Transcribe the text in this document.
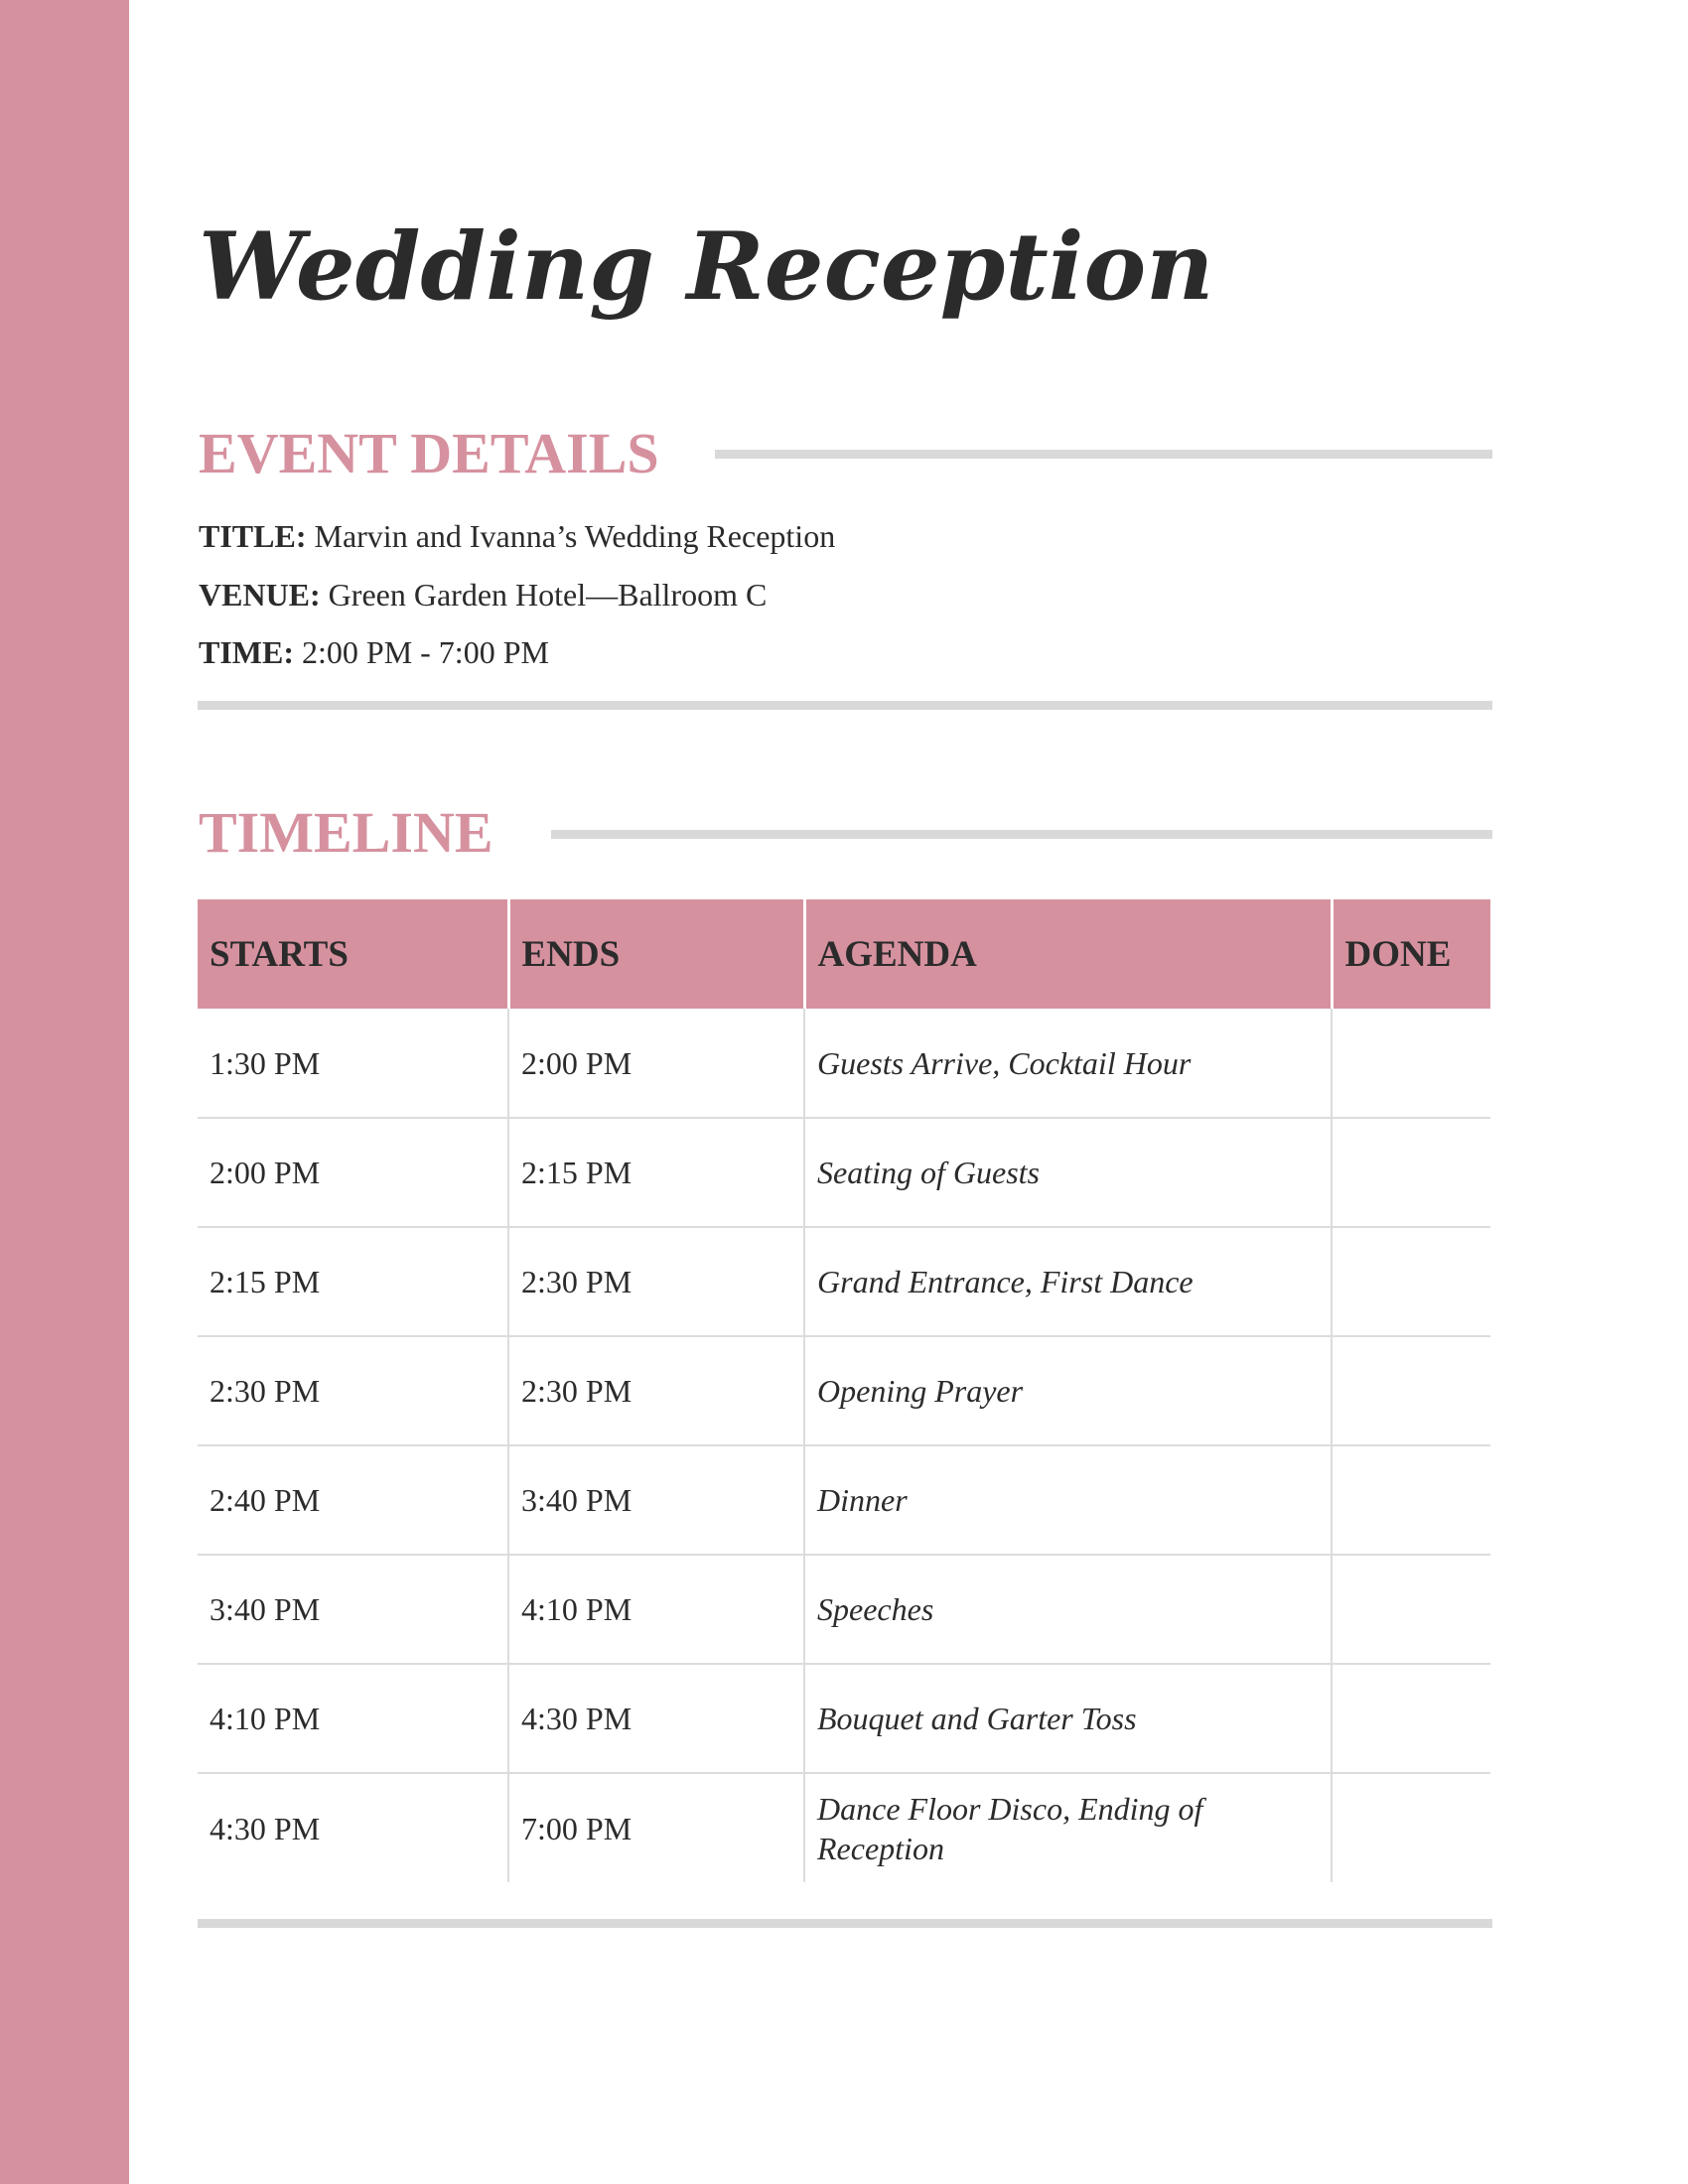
Wedding Reception
EVENT DETAILS
TITLE: Marvin and Ivanna’s Wedding Reception
VENUE: Green Garden Hotel—Ballroom C
TIME: 2:00 PM - 7:00 PM
TIMELINE
STARTS	ENDS	AGENDA	DONE
1:30 PM	2:00 PM	Guests Arrive, Cocktail Hour	
2:00 PM	2:15 PM	Seating of Guests	
2:15 PM	2:30 PM	Grand Entrance, First Dance	
2:30 PM	2:30 PM	Opening Prayer	
2:40 PM	3:40 PM	Dinner	
3:40 PM	4:10 PM	Speeches	
4:10 PM	4:30 PM	Bouquet and Garter Toss	
4:30 PM	7:00 PM	Dance Floor Disco, Ending of Reception	
